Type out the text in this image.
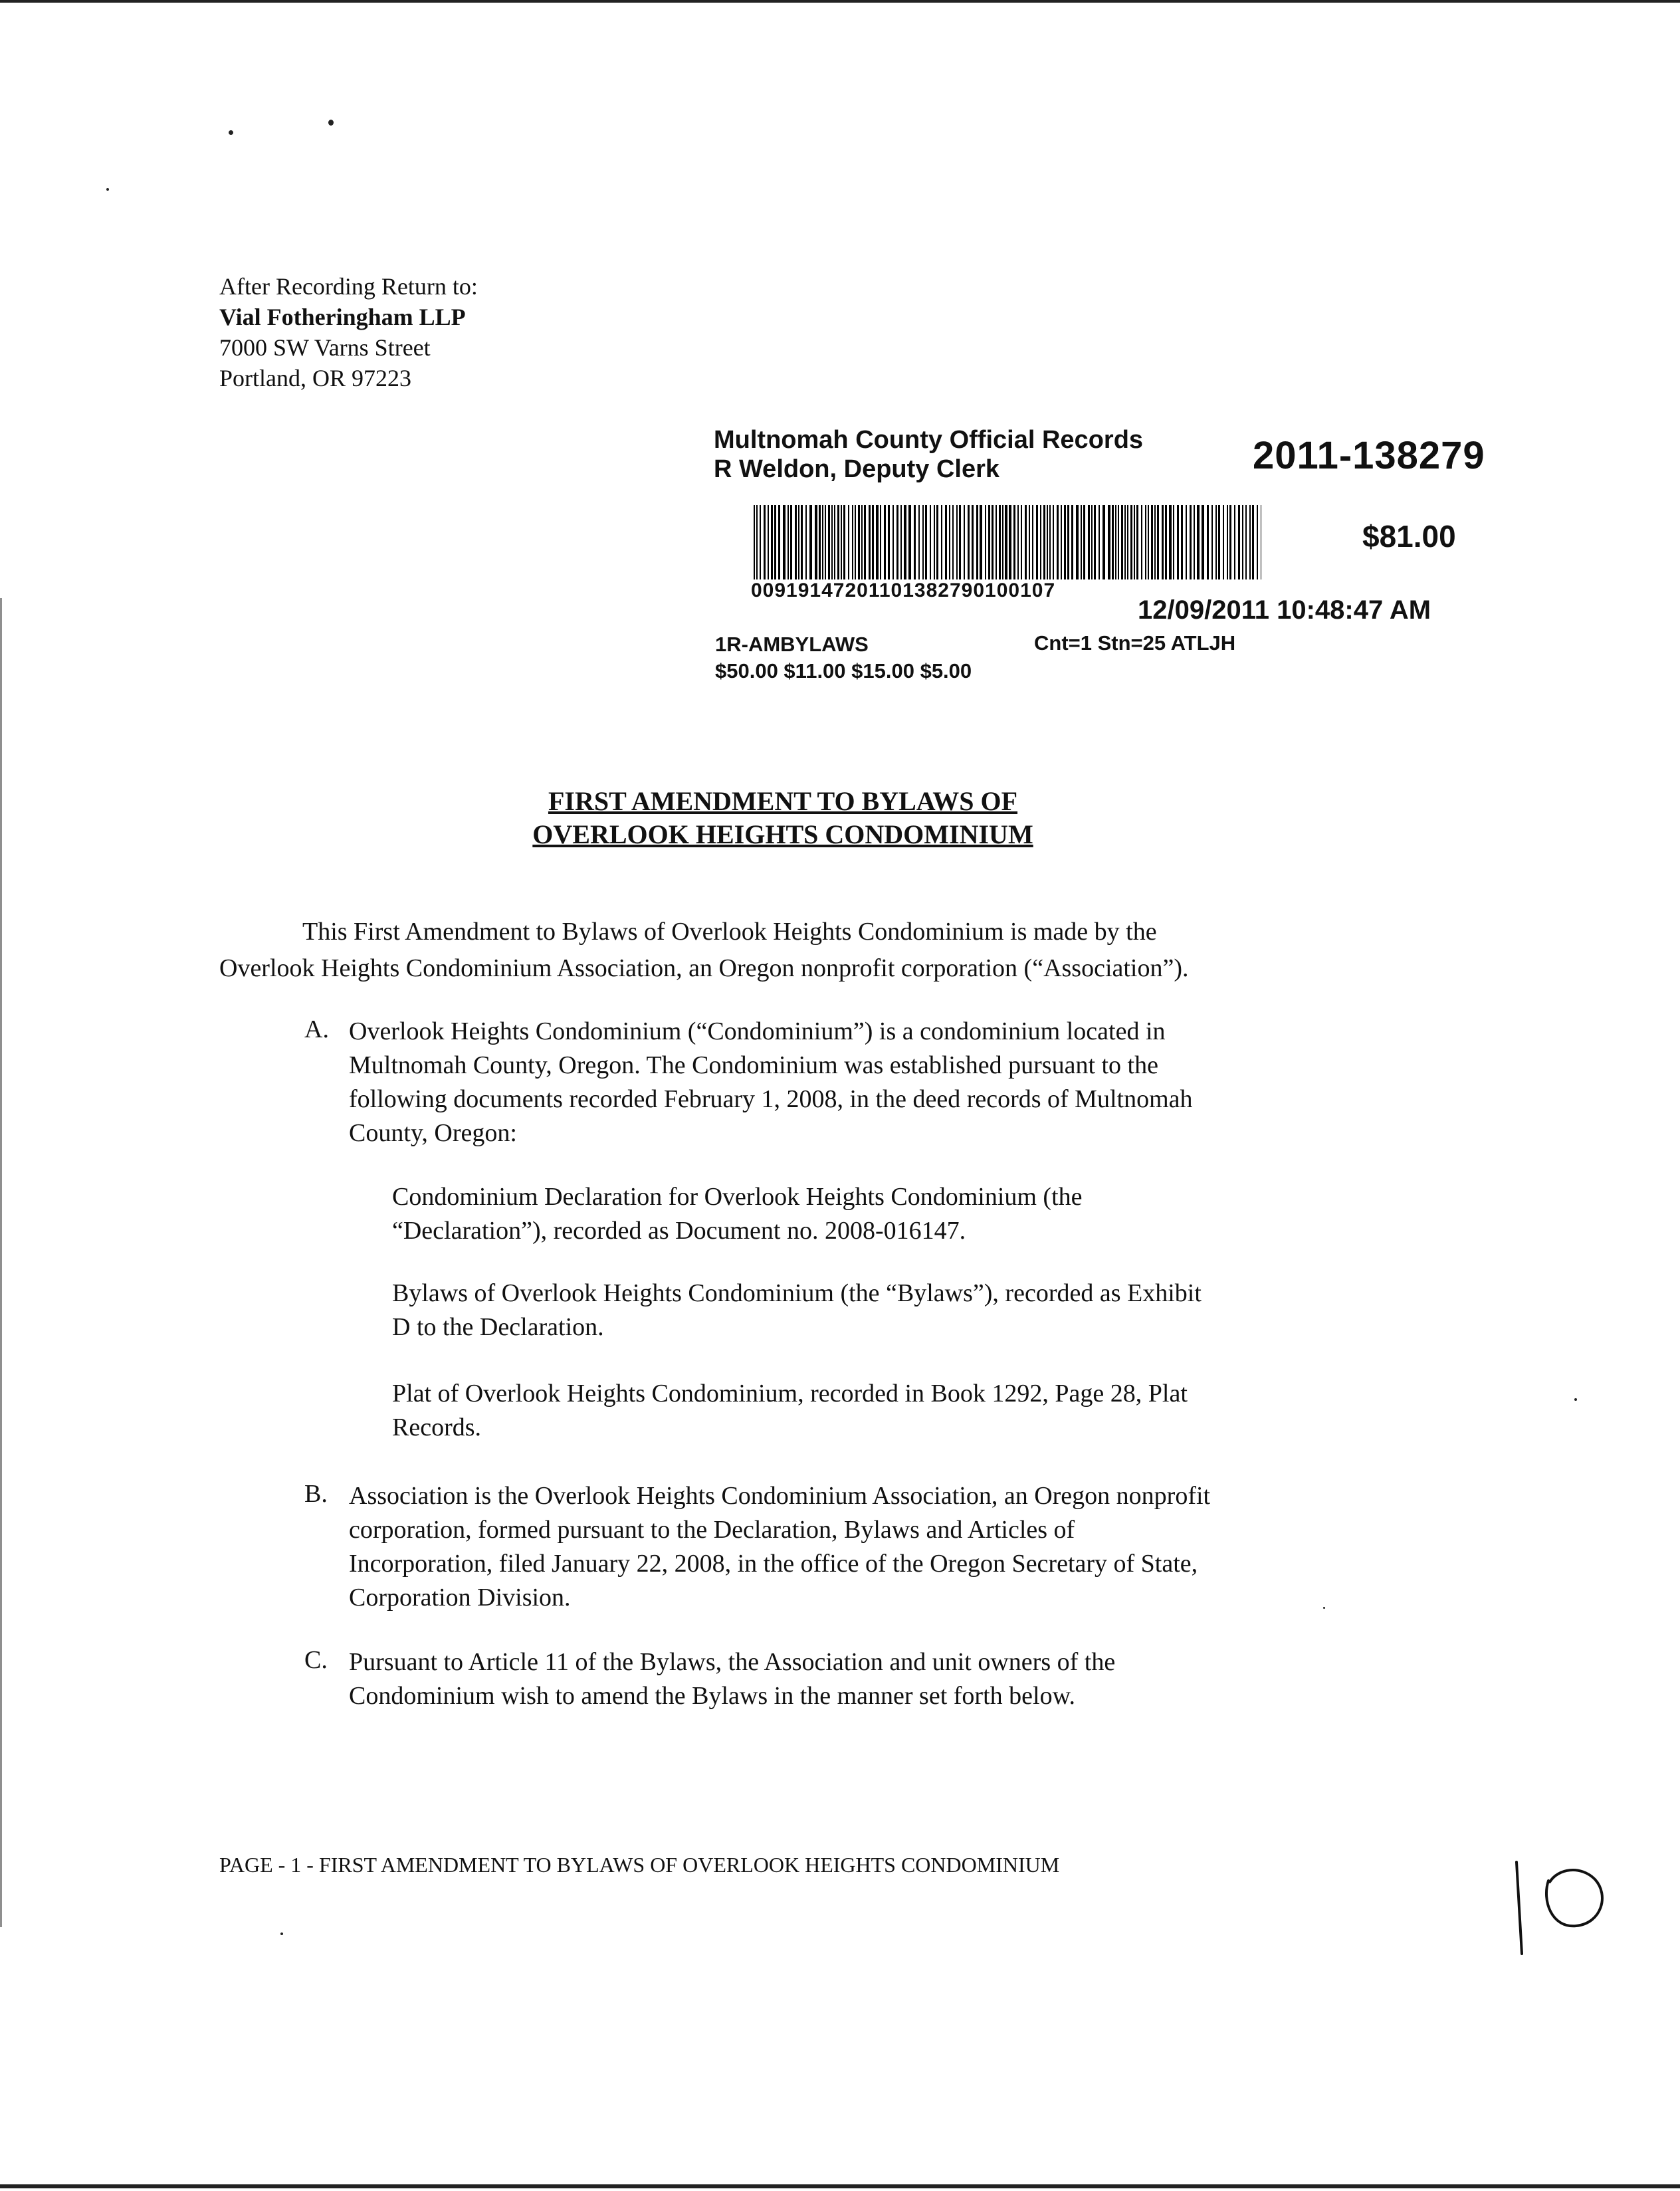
After Recording Return to:
Vial Fotheringham LLP
7000 SW Varns Street
Portland, OR 97223
Multnomah County Official Records
R Weldon, Deputy Clerk	2011-138279
$81.00
00919147201101382790100107
12/09/2011 10:48:47 AM
1R-AMBYLAWS
$50.00 $11.00 $15.00 $5.00
Cnt=1 Stn=25 ATLJH
FIRST AMENDMENT TO BYLAWS OF
OVERLOOK HEIGHTS CONDOMINIUM
This First Amendment to Bylaws of Overlook Heights Condominium is made by the
Overlook Heights Condominium Association, an Oregon nonprofit corporation (“Association”).
A. Overlook Heights Condominium (“Condominium”) is a condominium located in
Multnomah County, Oregon. The Condominium was established pursuant to the
following documents recorded February 1, 2008, in the deed records of Multnomah
County, Oregon:
Condominium Declaration for Overlook Heights Condominium (the
“Declaration”), recorded as Document no. 2008-016147.
Bylaws of Overlook Heights Condominium (the “Bylaws”), recorded as Exhibit
D to the Declaration.
Plat of Overlook Heights Condominium, recorded in Book 1292, Page 28, Plat
Records.
B. Association is the Overlook Heights Condominium Association, an Oregon nonprofit
corporation, formed pursuant to the Declaration, Bylaws and Articles of
Incorporation, filed January 22, 2008, in the office of the Oregon Secretary of State,
Corporation Division.
C. Pursuant to Article 11 of the Bylaws, the Association and unit owners of the
Condominium wish to amend the Bylaws in the manner set forth below.
PAGE - 1 - FIRST AMENDMENT TO BYLAWS OF OVERLOOK HEIGHTS CONDOMINIUM
